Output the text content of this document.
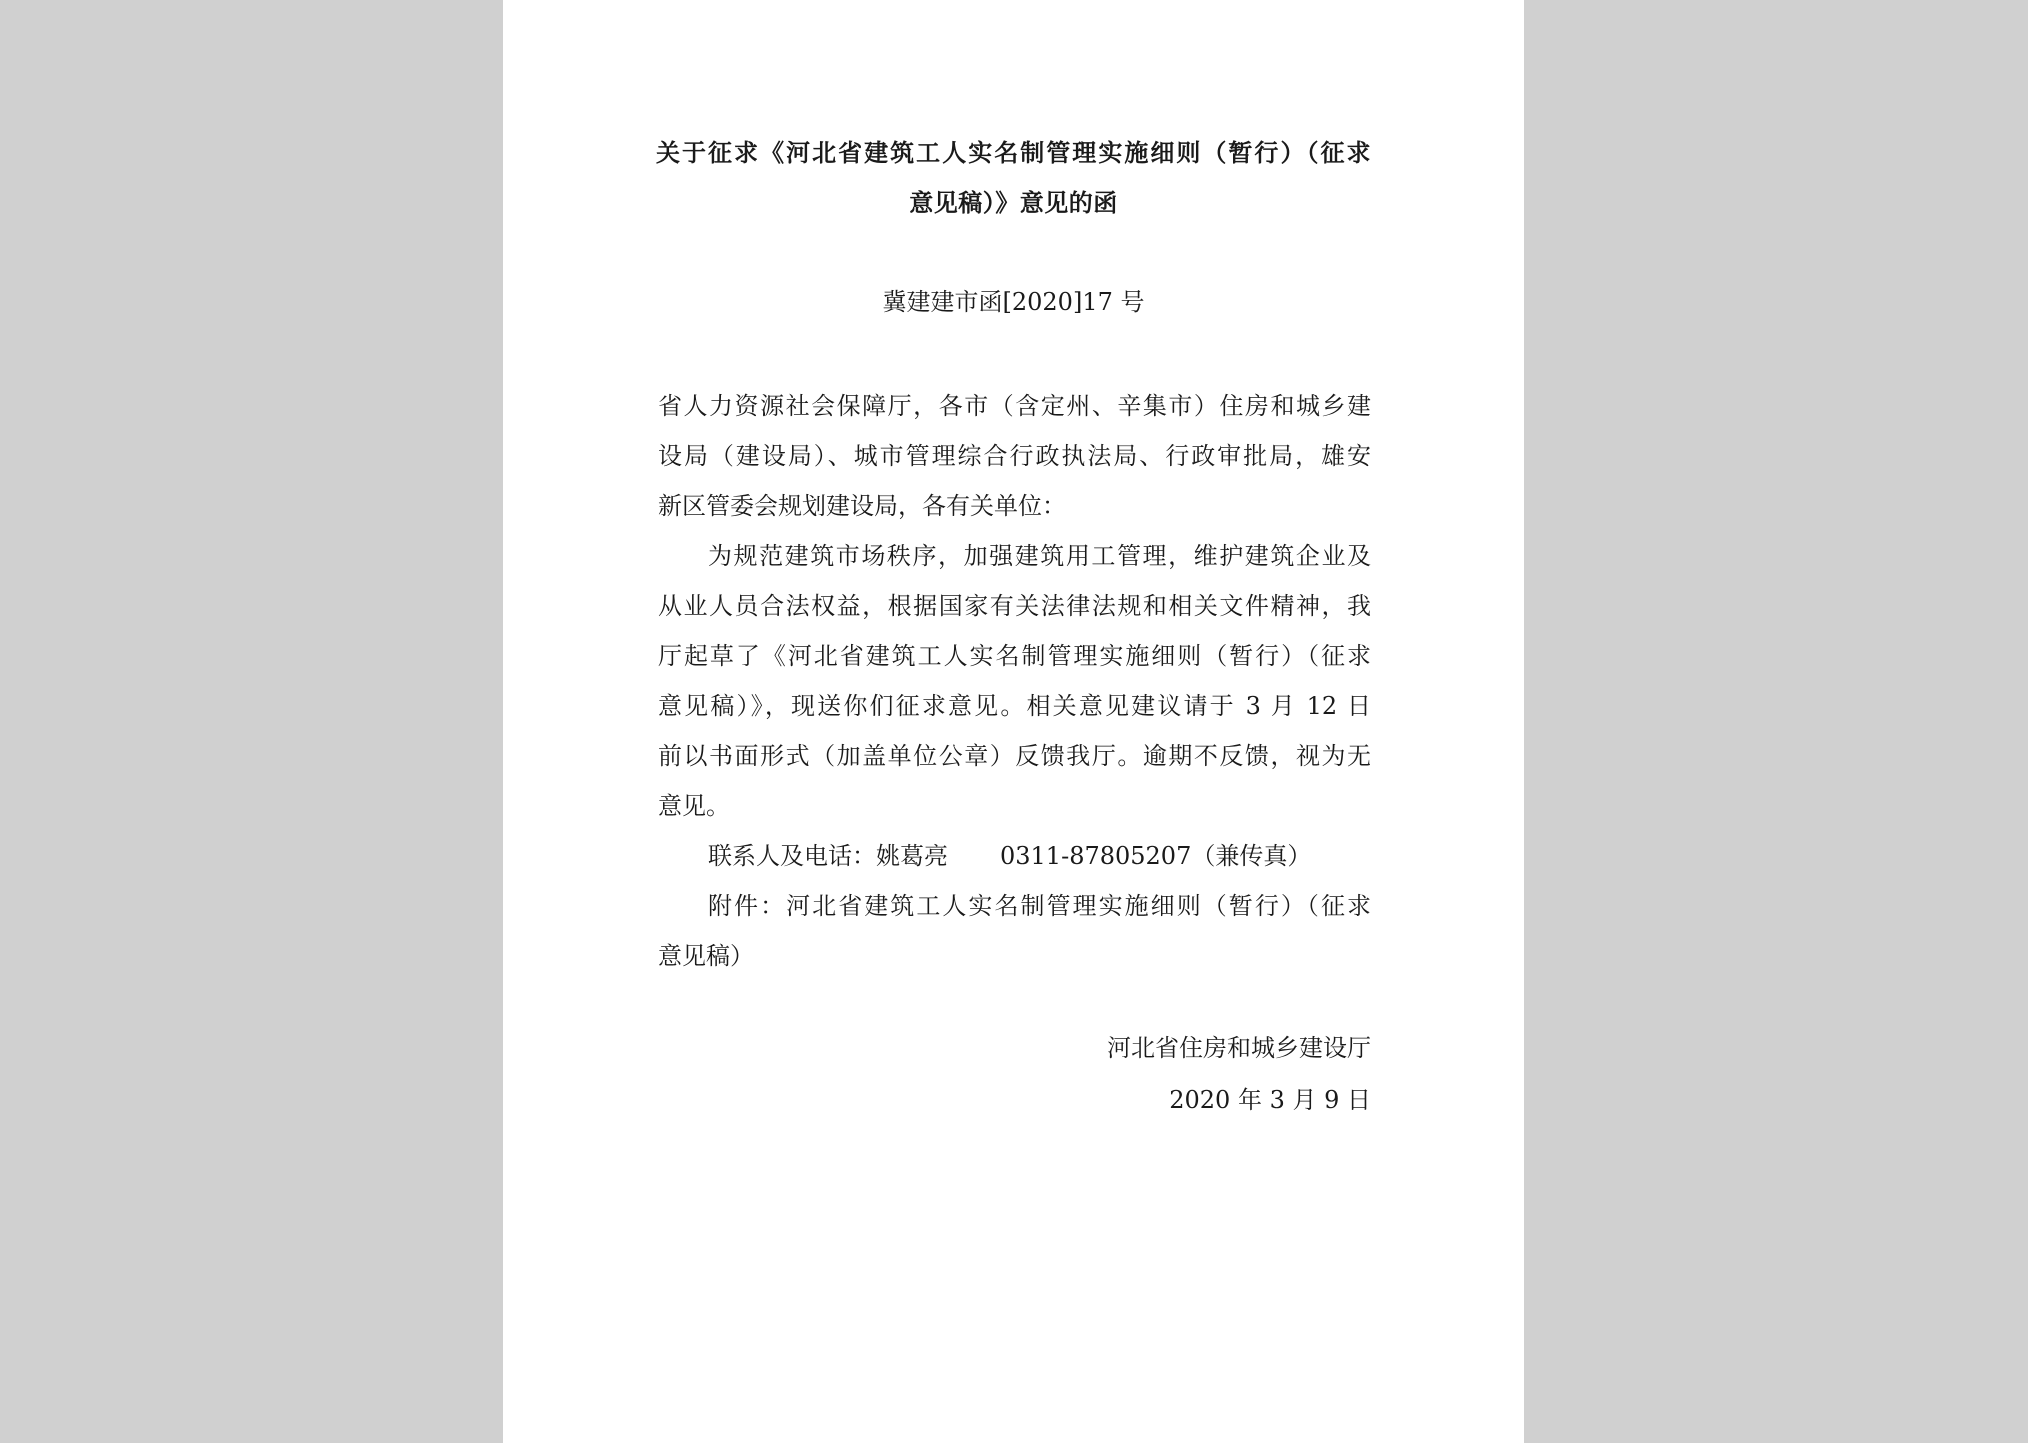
关于征求《河北省建筑工人实名制管理实施细则（暂行）（征求
意见稿）》意见的函
冀建建市函[2020]17 号
省人力资源社会保障厅，各市（含定州、辛集市）住房和城乡建
设局（建设局）、城市管理综合行政执法局、行政审批局，雄安
新区管委会规划建设局，各有关单位：
为规范建筑市场秩序，加强建筑用工管理，维护建筑企业及
从业人员合法权益，根据国家有关法律法规和相关文件精神，我
厅起草了《河北省建筑工人实名制管理实施细则（暂行）（征求
意见稿）》，现送你们征求意见。相关意见建议请于 3 月 12 日
前以书面形式（加盖单位公章）反馈我厅。逾期不反馈，视为无
意见。
联系人及电话：姚葛亮 0311-87805207（兼传真）
附件：河北省建筑工人实名制管理实施细则（暂行）（征求
意见稿）
河北省住房和城乡建设厅
2020 年 3 月 9 日
